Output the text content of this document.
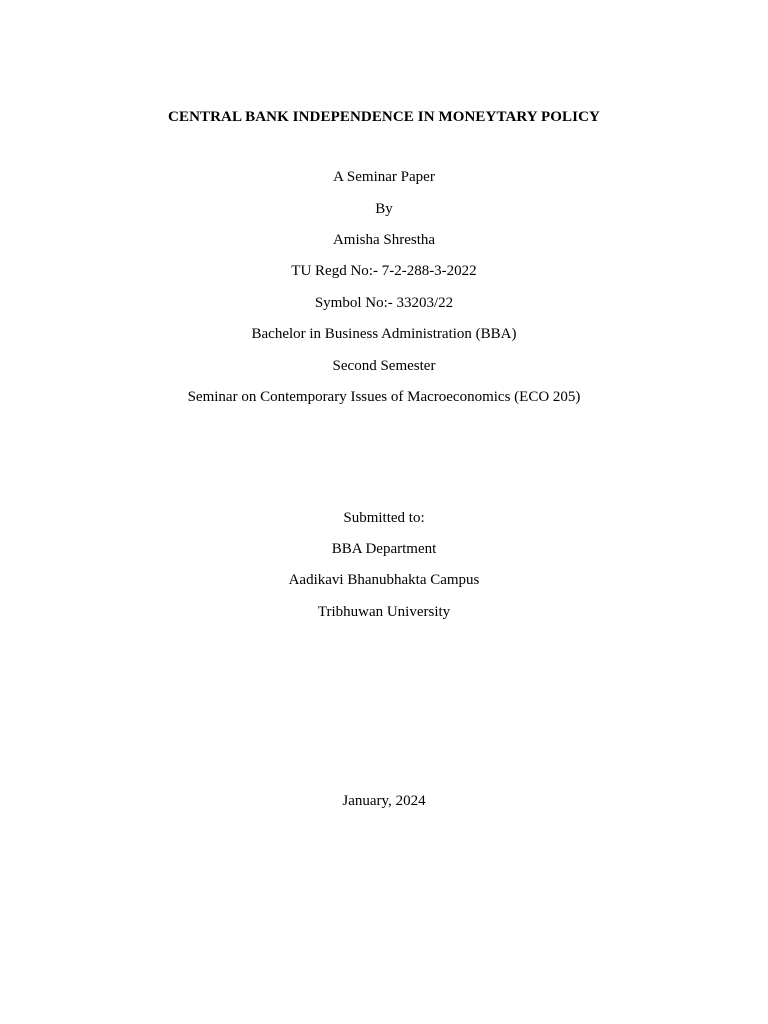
CENTRAL BANK INDEPENDENCE IN MONEYTARY POLICY

A Seminar Paper

By

Amisha Shrestha

TU Regd No:- 7-2-288-3-2022

Symbol No:- 33203/22

Bachelor in Business Administration (BBA)

Second Semester

Seminar on Contemporary Issues of Macroeconomics (ECO 205)

Submitted to:

BBA Department

Aadikavi Bhanubhakta Campus

Tribhuwan University

January, 2024
